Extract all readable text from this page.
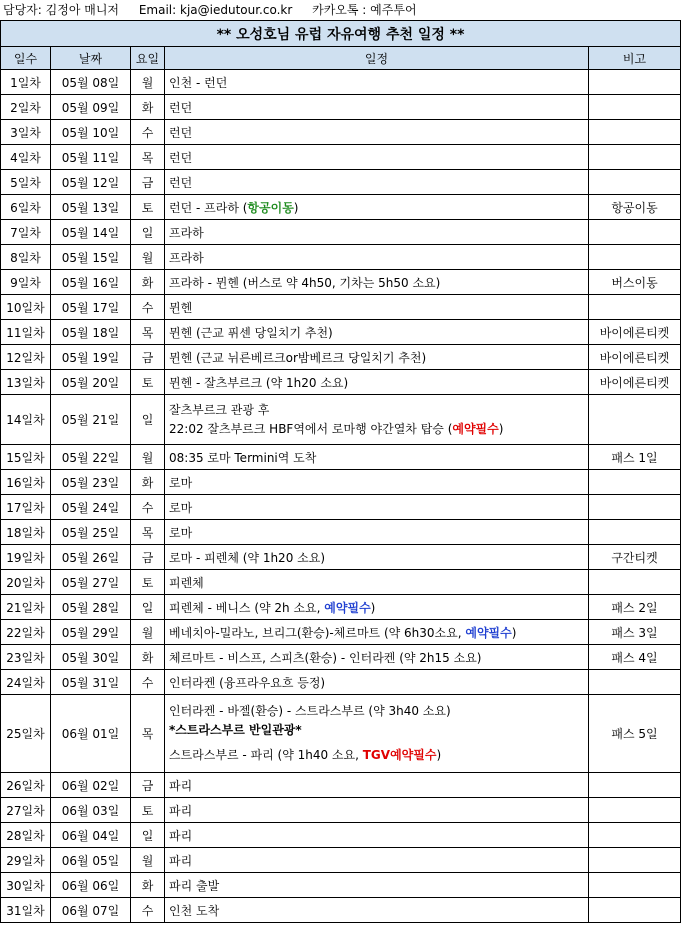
담당자: 김정아 매니저 Email: kja@iedutour.co.kr 카카오톡 : 예주투어
** 오성호님 유럽 자유여행 추천 일정 **				
일수	날짜	요일	일정	비고
1일차	05월 08일	월	인천 - 런던	
2일차	05월 09일	화	런던	
3일차	05월 10일	수	런던	
4일차	05월 11일	목	런던	
5일차	05월 12일	금	런던	
6일차	05월 13일	토	런던 - 프라하 (항공이동)	항공이동
7일차	05월 14일	일	프라하	
8일차	05월 15일	월	프라하	
9일차	05월 16일	화	프라하 - 뮌헨 (버스로 약 4h50, 기차는 5h50 소요)	버스이동
10일차	05월 17일	수	뮌헨	
11일차	05월 18일	목	뮌헨 (근교 퓌센 당일치기 추천)	바이에른티켓
12일차	05월 19일	금	뮌헨 (근교 뉘른베르크or밤베르크 당일치기 추천)	바이에른티켓
13일차	05월 20일	토	뮌헨 - 잘츠부르크 (약 1h20 소요)	바이에른티켓
14일차	05월 21일	일	잘츠부르크 관광 후
22:02 잘츠부르크 HBF역에서 로마행 야간열차 탑승 (예약필수)	

15일차	05월 22일	월	08:35 로마 Termini역 도착	패스 1일
16일차	05월 23일	화	로마	
17일차	05월 24일	수	로마	
18일차	05월 25일	목	로마	
19일차	05월 26일	금	로마 - 피렌체 (약 1h20 소요)	구간티켓
20일차	05월 27일	토	피렌체	
21일차	05월 28일	일	피렌체 - 베니스 (약 2h 소요, 예약필수)	패스 2일
22일차	05월 29일	월	베네치아-밀라노, 브리그(환승)-체르마트 (약 6h30소요, 예약필수)	패스 3일
23일차	05월 30일	화	체르마트 - 비스프, 스피츠(환승) - 인터라켄 (약 2h15 소요)	패스 4일
24일차	05월 31일	수	인터라켄 (융프라우요흐 등정)	
25일차	06월 01일	목	인터라켄 - 바젤(환승) - 스트라스부르 (약 3h40 소요)
*스트라스부르 반일관광*
스트라스부르 - 파리 (약 1h40 소요, TGV예약필수)	패스 5일
26일차	06월 02일	금	파리	
27일차	06월 03일	토	파리	
28일차	06월 04일	일	파리	
29일차	06월 05일	월	파리	
30일차	06월 06일	화	파리 출발	
31일차	06월 07일	수	인천 도착	
